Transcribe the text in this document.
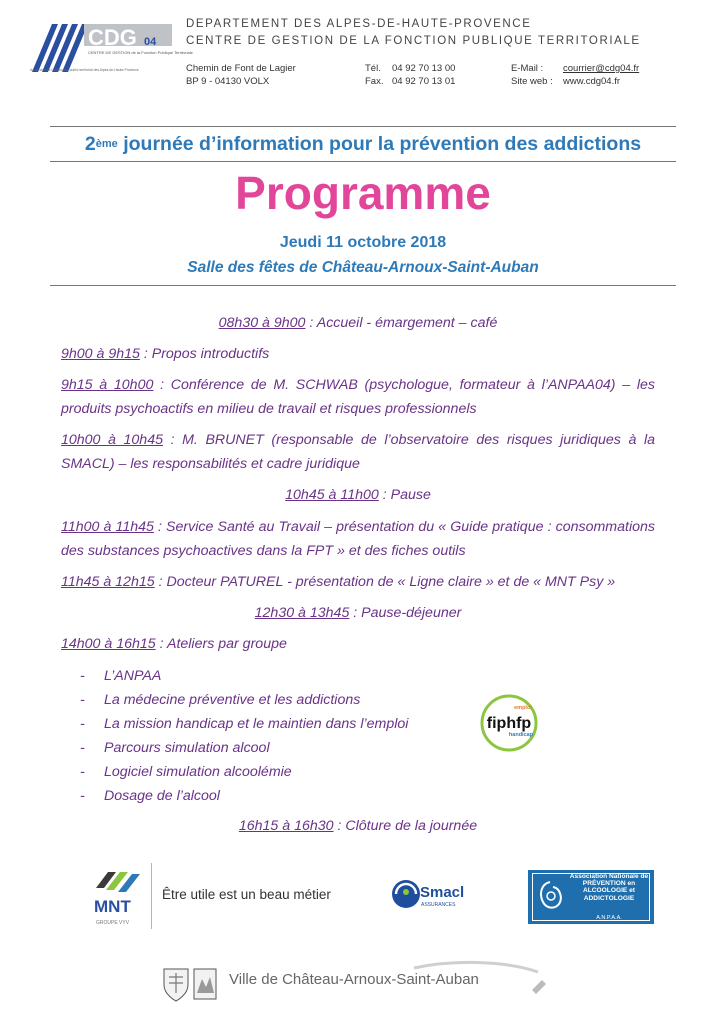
CDG 04
CENTRE DE GESTION de la Fonction Publique Territoriale
Au service de l'employeur public territorial des Alpes-de-Haute-Provence
DEPARTEMENT DES ALPES-DE-HAUTE-PROVENCE
CENTRE DE GESTION DE LA FONCTION PUBLIQUE TERRITORIALE
Chemin de Font de Lagier
BP 9 - 04130 VOLX
Tél. 04 92 70 13 00
Fax. 04 92 70 13 01
E-Mail : courrier@cdg04.fr
Site web : www.cdg04.fr
2ème journée d’information pour la prévention des addictions
Programme
Jeudi 11 octobre 2018
Salle des fêtes de Château-Arnoux-Saint-Auban
08h30 à 9h00 : Accueil - émargement – café
9h00 à 9h15 : Propos introductifs
9h15 à 10h00 : Conférence de M. SCHWAB (psychologue, formateur à l’ANPAA04) – les produits psychoactifs en milieu de travail et risques professionnels
10h00 à 10h45 : M. BRUNET (responsable de l’observatoire des risques juridiques à la SMACL) – les responsabilités et cadre juridique
10h45 à 11h00 : Pause
11h00 à 11h45 : Service Santé au Travail – présentation du « Guide pratique : consommations des substances psychoactives dans la FPT » et des fiches outils
11h45 à 12h15 : Docteur PATUREL - présentation de « Ligne claire » et de « MNT Psy »
12h30 à 13h45 : Pause-déjeuner
14h00 à 16h15 : Ateliers par groupe
- L’ANPAA
- La médecine préventive et les addictions
- La mission handicap et le maintien dans l’emploi
- Parcours simulation alcool
- Logiciel simulation alcoolémie
- Dosage de l’alcool
emploi
fiphfp
handicap
16h15 à 16h30 : Clôture de la journée
MNT
GROUPE VYV
Être utile est un beau métier	Smacl
ASSURANCES
Association Nationale de PRÉVENTION en ALCOOLOGIE et ADDICTOLOGIE
A.N.P.A.A.
Ville de Château-Arnoux-Saint-Auban
